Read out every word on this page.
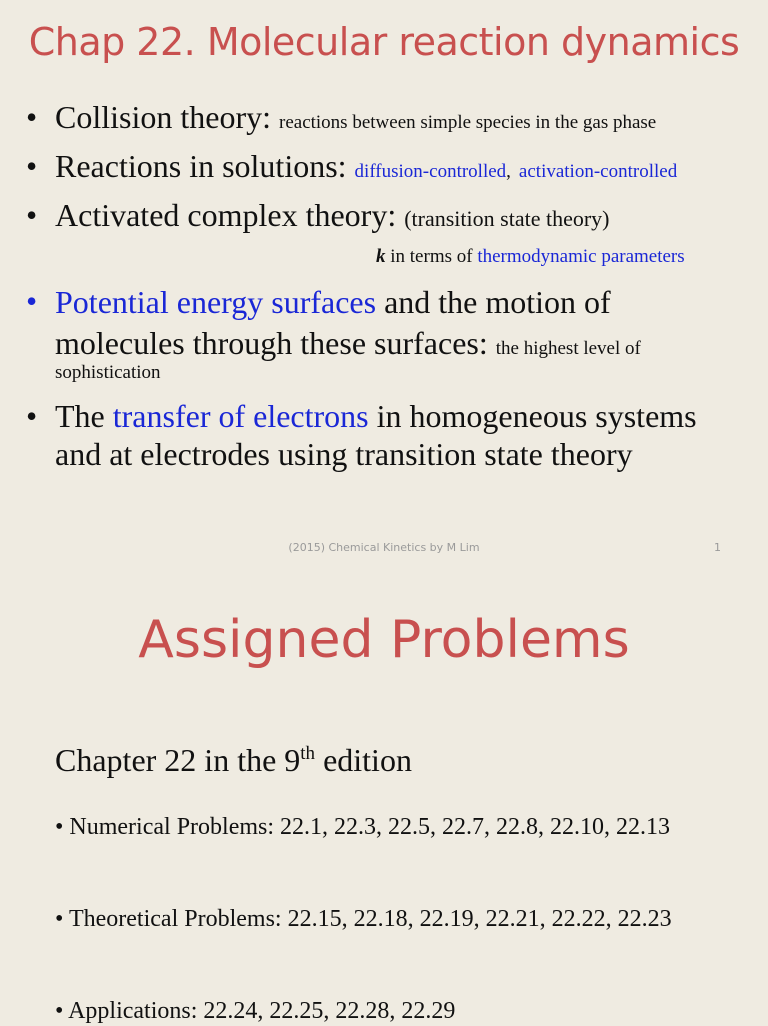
Chap 22. Molecular reaction dynamics
• Collision theory: reactions between simple species in the gas phase
• Reactions in solutions: diffusion-controlled, activation-controlled
• Activated complex theory: (transition state theory)
k in terms of thermodynamic parameters
• Potential energy surfaces and the motion of
molecules through these surfaces: the highest level of
sophistication
• The transfer of electrons in homogeneous systems
and at electrodes using transition state theory
(2015) Chemical Kinetics by M Lim	1
Assigned Problems
Chapter 22 in the 9th edition
• Numerical Problems: 22.1, 22.3, 22.5, 22.7, 22.8, 22.10, 22.13
• Theoretical Problems: 22.15, 22.18, 22.19, 22.21, 22.22, 22.23
• Applications: 22.24, 22.25, 22.28, 22.29
